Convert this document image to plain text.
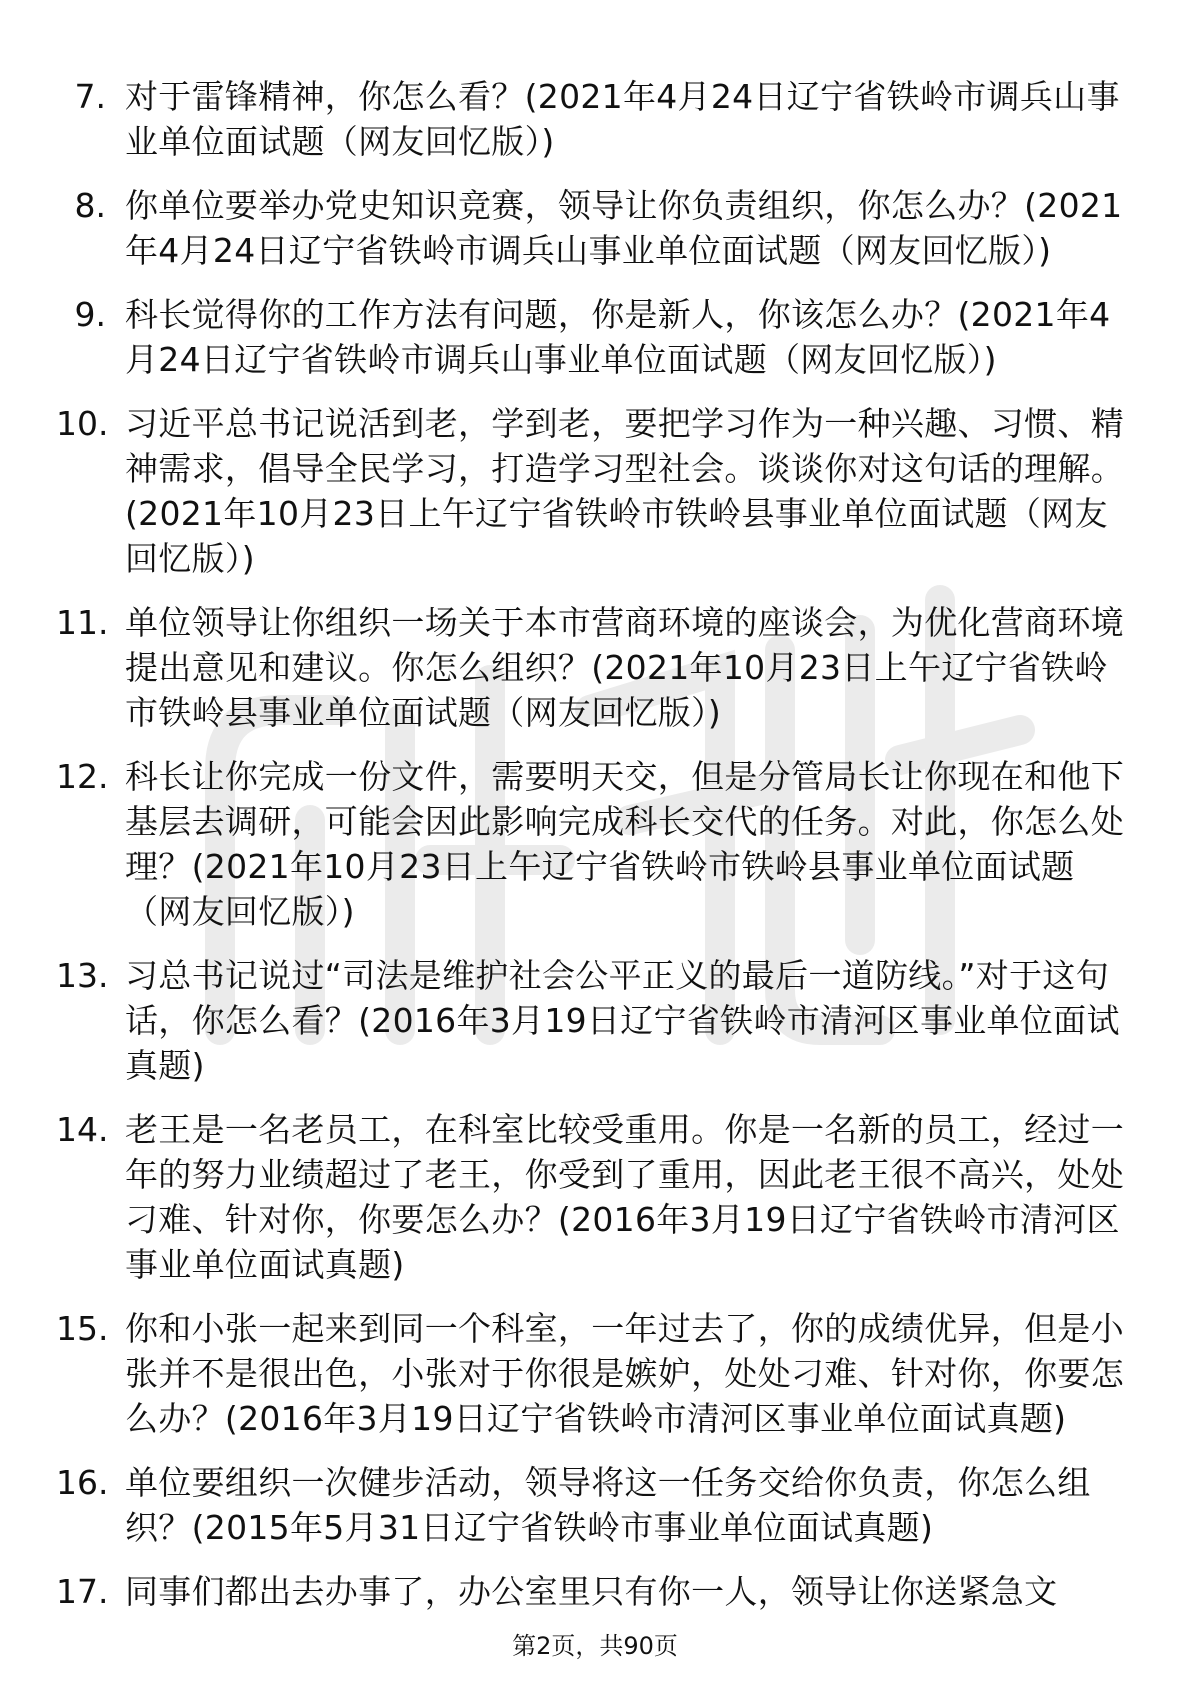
7. 对于雷锋精神，你怎么看？(2021年4月24日辽宁省铁岭市调兵山事业单位面试题（网友回忆版）)
8. 你单位要举办党史知识竞赛，领导让你负责组织，你怎么办？(2021年4月24日辽宁省铁岭市调兵山事业单位面试题（网友回忆版）)
9. 科长觉得你的工作方法有问题，你是新人，你该怎么办？(2021年4月24日辽宁省铁岭市调兵山事业单位面试题（网友回忆版）)
10. 习近平总书记说活到老，学到老，要把学习作为一种兴趣、习惯、精神需求，倡导全民学习，打造学习型社会。谈谈你对这句话的理解。(2021年10月23日上午辽宁省铁岭市铁岭县事业单位面试题（网友回忆版）)
11. 单位领导让你组织一场关于本市营商环境的座谈会，为优化营商环境提出意见和建议。你怎么组织？(2021年10月23日上午辽宁省铁岭市铁岭县事业单位面试题（网友回忆版）)
12. 科长让你完成一份文件，需要明天交，但是分管局长让你现在和他下基层去调研，可能会因此影响完成科长交代的任务。对此，你怎么处理？(2021年10月23日上午辽宁省铁岭市铁岭县事业单位面试题（网友回忆版）)
13. 习总书记说过“司法是维护社会公平正义的最后一道防线。”对于这句话，你怎么看？(2016年3月19日辽宁省铁岭市清河区事业单位面试真题)
14. 老王是一名老员工，在科室比较受重用。你是一名新的员工，经过一年的努力业绩超过了老王，你受到了重用，因此老王很不高兴，处处刁难、针对你，你要怎么办？(2016年3月19日辽宁省铁岭市清河区事业单位面试真题)
15. 你和小张一起来到同一个科室，一年过去了，你的成绩优异，但是小张并不是很出色，小张对于你很是嫉妒，处处刁难、针对你，你要怎么办？(2016年3月19日辽宁省铁岭市清河区事业单位面试真题)
16. 单位要组织一次健步活动，领导将这一任务交给你负责，你怎么组织？(2015年5月31日辽宁省铁岭市事业单位面试真题)
17. 同事们都出去办事了，办公室里只有你一人，领导让你送紧急文
第2页，共90页
